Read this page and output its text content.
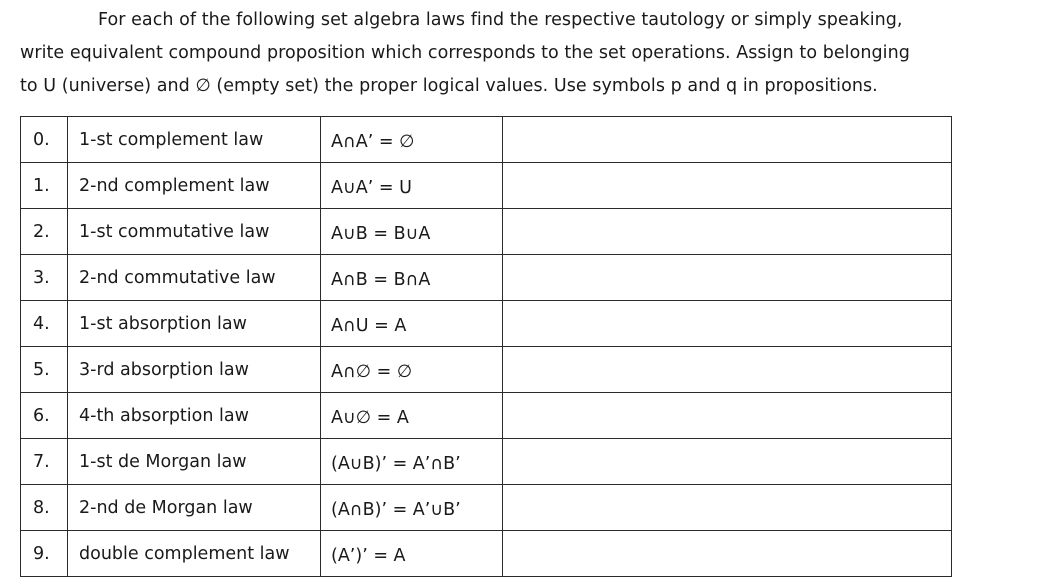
For each of the following set algebra laws find the respective tautology or simply speaking,
write equivalent compound proposition which corresponds to the set operations. Assign to belonging
to U (universe) and ∅ (empty set) the proper logical values. Use symbols p and q in propositions.
0.	1-st complement law	A∩A’ = ∅	
1.	2-nd complement law	A∪A’ = U	
2.	1-st commutative law	A∪B = B∪A	
3.	2-nd commutative law	A∩B = B∩A	
4.	1-st absorption law	A∩U = A	
5.	3-rd absorption law	A∩∅ = ∅	
6.	4-th absorption law	A∪∅ = A	
7.	1-st de Morgan law	(A∪B)’ = A’∩B’	
8.	2-nd de Morgan law	(A∩B)’ = A’∪B’	
9.	double complement law	(A’)’ = A	
